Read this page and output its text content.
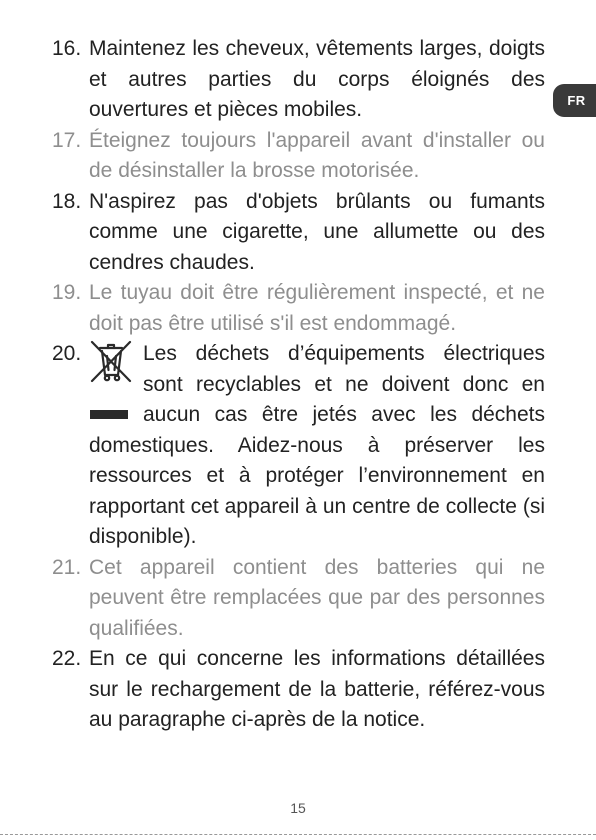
FR
16. Maintenez les cheveux, vêtements larges, doigts et autres parties du corps éloignés des ouvertures et pièces mobiles.

17. Éteignez toujours l'appareil avant d'installer ou de désinstaller la brosse motorisée.

18. N'aspirez pas d'objets brûlants ou fumants comme une cigarette, une allumette ou des cendres chaudes.

19. Le tuyau doit être régulièrement inspecté, et ne doit pas être utilisé s'il est endommagé.

20.	Les déchets d’équipements électriques sont recyclables et ne doivent donc en aucun cas être jetés avec les déchets domestiques. Aidez-nous à préserver les ressources et à protéger l’environnement en rapportant cet appareil à un centre de collecte (si disponible).
21. Cet appareil contient des batteries qui ne peuvent être remplacées que par des personnes qualifiées.

22. En ce qui concerne les informations détaillées sur le rechargement de la batterie, référez-vous au paragraphe ci-après de la notice.

15
